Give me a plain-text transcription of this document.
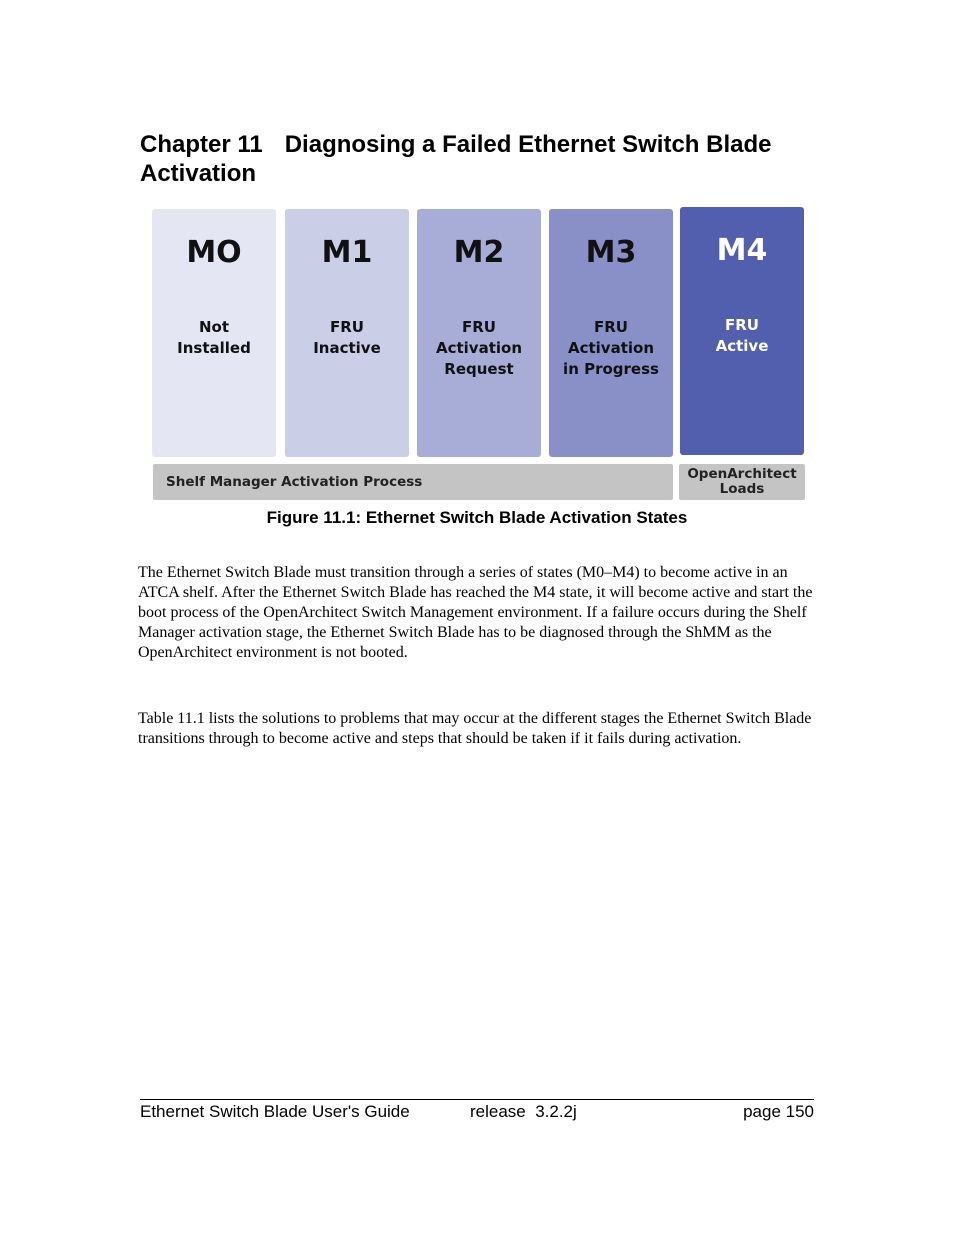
Chapter 11 Diagnosing a Failed Ethernet Switch Blade Activation
MO
Not
Installed
M1
FRU
Inactive
M2
FRU
Activation
Request
M3
FRU
Activation
in Progress
M4
FRU
Active
Shelf Manager Activation Process	OpenArchitect
Loads

Figure 11.1: Ethernet Switch Blade Activation States

The Ethernet Switch Blade must transition through a series of states (M0–M4) to become active in an ATCA shelf. After the Ethernet Switch Blade has reached the M4 state, it will become active and start the boot process of the OpenArchitect Switch Management environment. If a failure occurs during the Shelf Manager activation stage, the Ethernet Switch Blade has to be diagnosed through the ShMM as the OpenArchitect environment is not booted.

Table 11.1 lists the solutions to problems that may occur at the different stages the Ethernet Switch Blade transitions through to become active and steps that should be taken if it fails during activation.

Ethernet Switch Blade User's Guide	release  3.2.2j	page 150
